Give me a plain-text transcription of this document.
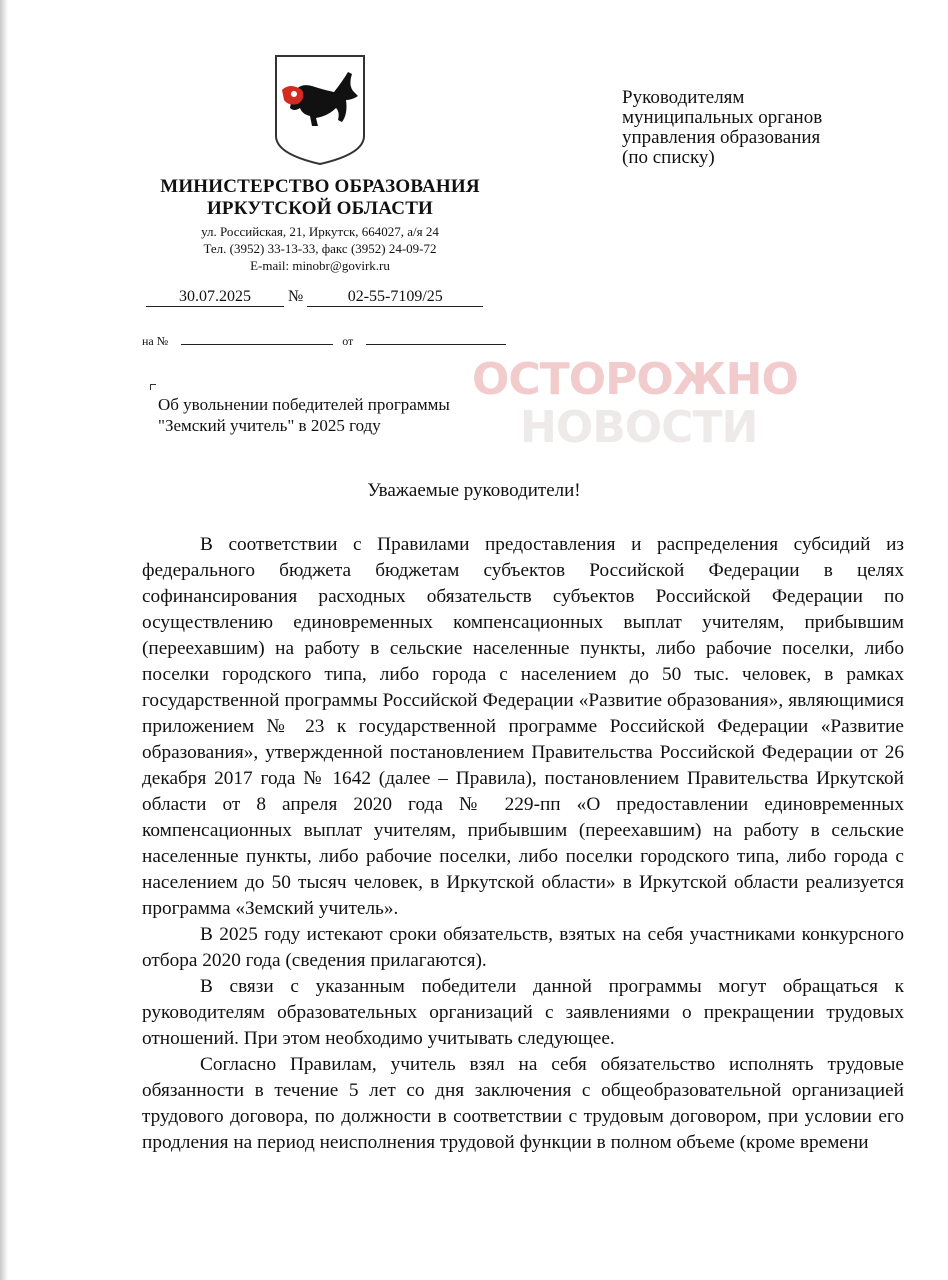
Руководителям
муниципальных органов
управления образования
(по списку)
МИНИСТЕРСТВО ОБРАЗОВАНИЯ
ИРКУТСКОЙ ОБЛАСТИ
ул. Российская, 21, Иркутск, 664027, а/я 24
Тел. (3952) 33-13-33, факс (3952) 24-09-72
E-mail: minobr@govirk.ru
30.07.2025 №	02-55-7109/25
на №	от
Об увольнении победителей программы "Земский учитель" в 2025 году
ОСТОРОЖНО
НОВОСТИ
Уважаемые руководители!

В соответствии с Правилами предоставления и распределения субсидий из федерального бюджета бюджетам субъектов Российской Федерации в целях софинансирования расходных обязательств субъектов Российской Федерации по осуществлению единовременных компенсационных выплат учителям, прибывшим (переехавшим) на работу в сельские населенные пункты, либо рабочие поселки, либо поселки городского типа, либо города с населением до 50 тыс. человек, в рамках государственной программы Российской Федерации «Развитие образования», являющимися приложением № 23 к государственной программе Российской Федерации «Развитие образования», утвержденной постановлением Правительства Российской Федерации от 26 декабря 2017 года № 1642 (далее – Правила), постановлением Правительства Иркутской области от 8 апреля 2020 года № 229-пп «О предоставлении единовременных компенсационных выплат учителям, прибывшим (переехавшим) на работу в сельские населенные пункты, либо рабочие поселки, либо поселки городского типа, либо города с населением до 50 тысяч человек, в Иркутской области» в Иркутской области реализуется программа «Земский учитель».

В 2025 году истекают сроки обязательств, взятых на себя участниками конкурсного отбора 2020 года (сведения прилагаются).

В связи с указанным победители данной программы могут обращаться к руководителям образовательных организаций с заявлениями о прекращении трудовых отношений. При этом необходимо учитывать следующее.

Согласно Правилам, учитель взял на себя обязательство исполнять трудовые обязанности в течение 5 лет со дня заключения с общеобразовательной организацией трудового договора, по должности в соответствии с трудовым договором, при условии его продления на период неисполнения трудовой функции в полном объеме (кроме времени
